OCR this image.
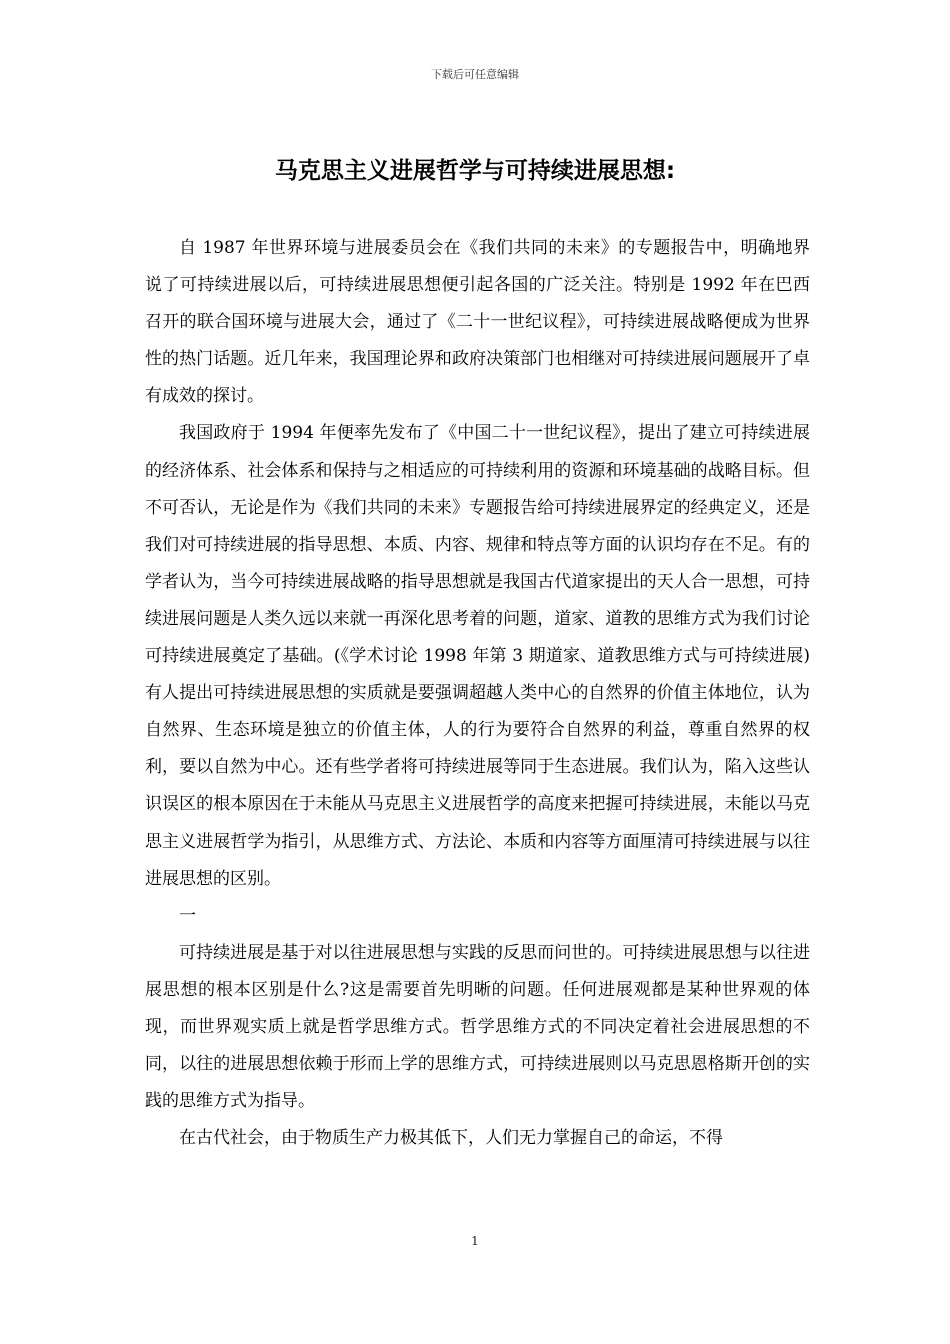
下载后可任意编辑
马克思主义进展哲学与可持续进展思想:

自 1987 年世界环境与进展委员会在《我们共同的未来》的专题报告中，明确地界说了可持续进展以后，可持续进展思想便引起各国的广泛关注。特别是 1992 年在巴西召开的联合国环境与进展大会，通过了《二十一世纪议程》，可持续进展战略便成为世界性的热门话题。近几年来，我国理论界和政府决策部门也相继对可持续进展问题展开了卓有成效的探讨。

我国政府于 1994 年便率先发布了《中国二十一世纪议程》，提出了建立可持续进展的经济体系、社会体系和保持与之相适应的可持续利用的资源和环境基础的战略目标。但不可否认，无论是作为《我们共同的未来》专题报告给可持续进展界定的经典定义，还是我们对可持续进展的指导思想、本质、内容、规律和特点等方面的认识均存在不足。有的学者认为，当今可持续进展战略的指导思想就是我国古代道家提出的天人合一思想，可持续进展问题是人类久远以来就一再深化思考着的问题，道家、道教的思维方式为我们讨论可持续进展奠定了基础。(《学术讨论 1998 年第 3 期道家、道教思维方式与可持续进展)有人提出可持续进展思想的实质就是要强调超越人类中心的自然界的价值主体地位，认为自然界、生态环境是独立的价值主体，人的行为要符合自然界的利益，尊重自然界的权利，要以自然为中心。还有些学者将可持续进展等同于生态进展。我们认为，陷入这些认识误区的根本原因在于未能从马克思主义进展哲学的高度来把握可持续进展，未能以马克思主义进展哲学为指引，从思维方式、方法论、本质和内容等方面厘清可持续进展与以往进展思想的区别。

一

可持续进展是基于对以往进展思想与实践的反思而问世的。可持续进展思想与以往进展思想的根本区别是什么?这是需要首先明晰的问题。任何进展观都是某种世界观的体现，而世界观实质上就是哲学思维方式。哲学思维方式的不同决定着社会进展思想的不同，以往的进展思想依赖于形而上学的思维方式，可持续进展则以马克思恩格斯开创的实践的思维方式为指导。

在古代社会，由于物质生产力极其低下，人们无力掌握自己的命运，不得

1
